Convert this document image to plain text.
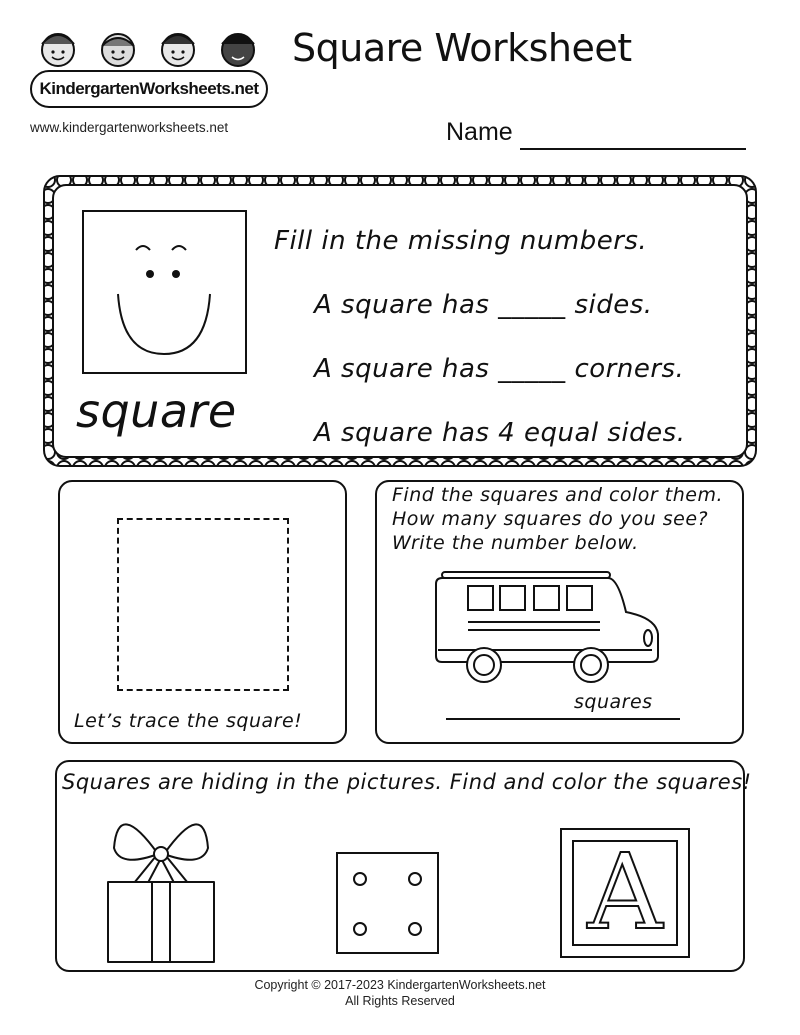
KindergartenWorksheets.net
www.kindergartenworksheets.net
Square Worksheet
Name
square
Fill in the missing numbers.
A square has _____ sides.
A square has _____ corners.
A square has 4 equal sides.
Let’s trace the square!
Find the squares and color them.
How many squares do you see?
Write the number below.
squares
Squares are hiding in the pictures. Find and color the squares!
A
Copyright © 2017-2023 KindergartenWorksheets.net
All Rights Reserved
